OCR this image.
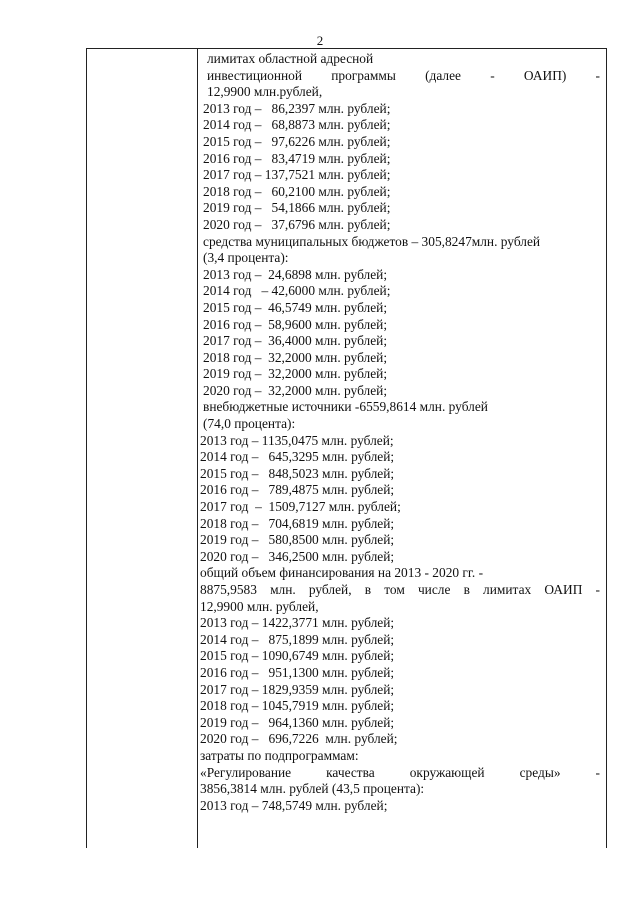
2
лимитах областной адресной
инвестиционной программы (далее - ОАИП) -
12,9900 млн.рублей,
2013 год –   86,2397 млн. рублей;
2014 год –   68,8873 млн. рублей;
2015 год –   97,6226 млн. рублей;
2016 год –   83,4719 млн. рублей;
2017 год – 137,7521 млн. рублей;
2018 год –   60,2100 млн. рублей;
2019 год –   54,1866 млн. рублей;
2020 год –   37,6796 млн. рублей;
средства муниципальных бюджетов – 305,8247млн. рублей
(3,4 процента):
2013 год –  24,6898 млн. рублей;
2014 год   – 42,6000 млн. рублей;
2015 год –  46,5749 млн. рублей;
2016 год –  58,9600 млн. рублей;
2017 год –  36,4000 млн. рублей;
2018 год –  32,2000 млн. рублей;
2019 год –  32,2000 млн. рублей;
2020 год –  32,2000 млн. рублей;
внебюджетные источники -6559,8614 млн. рублей
(74,0 процента):
2013 год – 1135,0475 млн. рублей;
2014 год –   645,3295 млн. рублей;
2015 год –   848,5023 млн. рублей;
2016 год –   789,4875 млн. рублей;
2017 год  –  1509,7127 млн. рублей;
2018 год –   704,6819 млн. рублей;
2019 год –   580,8500 млн. рублей;
2020 год –   346,2500 млн. рублей;
общий объем финансирования на 2013 - 2020 гг. -
8875,9583 млн. рублей, в том числе в лимитах ОАИП -
12,9900 млн. рублей,
2013 год – 1422,3771 млн. рублей;
2014 год –   875,1899 млн. рублей;
2015 год – 1090,6749 млн. рублей;
2016 год –   951,1300 млн. рублей;
2017 год – 1829,9359 млн. рублей;
2018 год – 1045,7919 млн. рублей;
2019 год –   964,1360 млн. рублей;
2020 год –   696,7226  млн. рублей;
затраты по подпрограммам:
«Регулирование качества окружающей среды» -
3856,3814 млн. рублей (43,5 процента):
2013 год – 748,5749 млн. рублей;
